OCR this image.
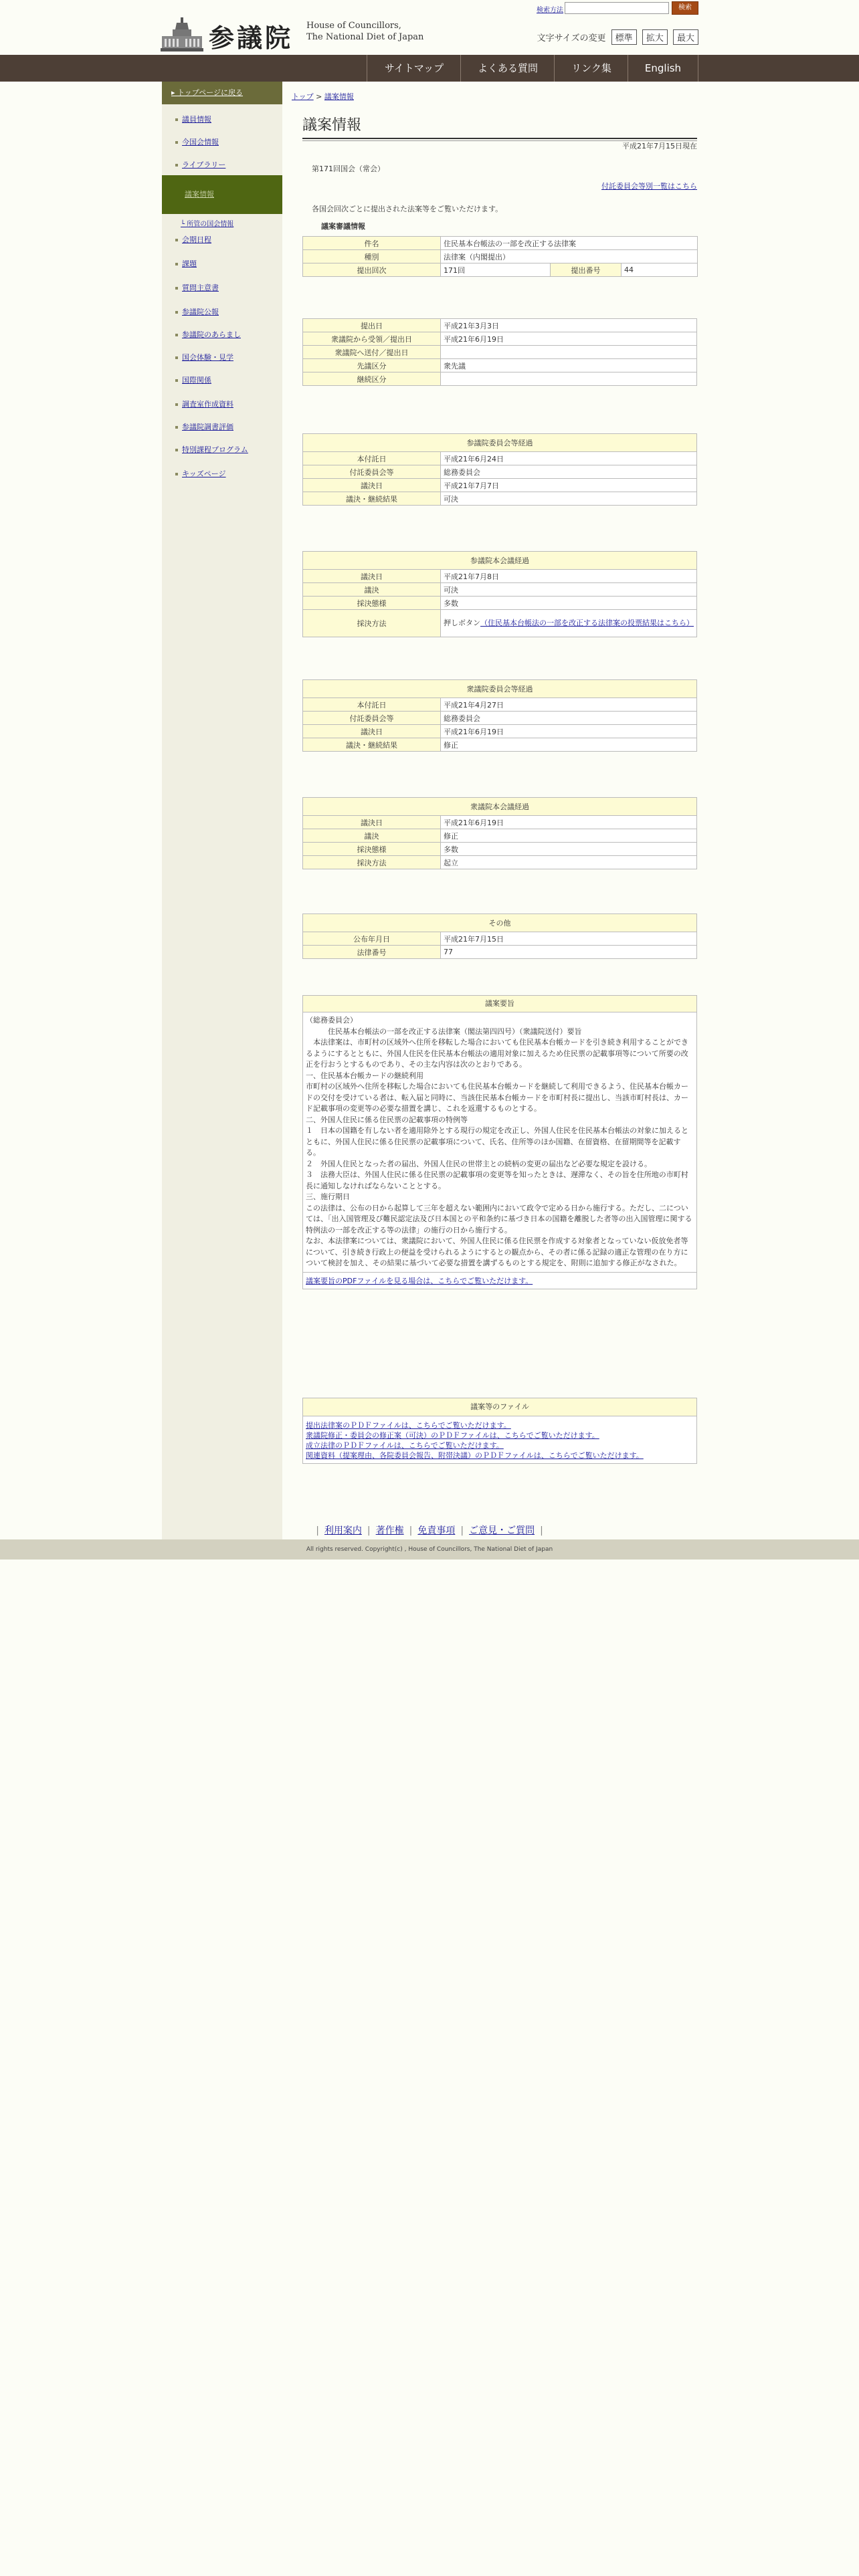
参議院 House of Councillors,
The National Diet of Japan
検索方法	検索
文字サイズの変更 標準 拡大 最大
サイトマップ	よくある質問	リンク集	English
▸ トップページに戻る
議員情報
今国会情報
ライブラリー
議案情報
└ 所管の国会情報
会期日程
課題
質問主意書
参議院公報
参議院のあらまし
国会体験・見学
国際関係
調査室作成資料
参議院調書評価
特別課程プログラム
キッズページ
トップ > 議案情報
議案情報
平成21年7月15日現在
第171回国会（常会）
付託委員会等別一覧はこちら
各国会回次ごとに提出された法案等をご覧いただけます。
議案審議情報
件名	住民基本台帳法の一部を改正する法律案		
種別	法律案（内閣提出）		
提出回次	171回	提出番号	44
提出日	平成21年3月3日
衆議院から受領／提出日	平成21年6月19日
衆議院へ送付／提出日	
先議区分	衆先議
継続区分	
参議院委員会等経過	
本付託日	平成21年6月24日
付託委員会等	総務委員会
議決日	平成21年7月7日
議決・継続結果	可決
参議院本会議経過	
議決日	平成21年7月8日
議決	可決
採決態様	多数
採決方法	押しボタン（住民基本台帳法の一部を改正する法律案の投票結果はこちら）
衆議院委員会等経過	
本付託日	平成21年4月27日
付託委員会等	総務委員会
議決日	平成21年6月19日
議決・継続結果	修正
衆議院本会議経過	
議決日	平成21年6月19日
議決	修正
採決態様	多数
採決方法	起立
その他	
公布年月日	平成21年7月15日
法律番号	77
議案要旨
（総務委員会）
　　　住民基本台帳法の一部を改正する法律案（閣法第四四号）（衆議院送付）要旨
　本法律案は、市町村の区域外へ住所を移転した場合においても住民基本台帳カードを引き続き利用することができるようにするとともに、外国人住民を住民基本台帳法の適用対象に加えるため住民票の記載事項等について所要の改正を行おうとするものであり、その主な内容は次のとおりである。
一、住民基本台帳カードの継続利用
市町村の区域外へ住所を移転した場合においても住民基本台帳カードを継続して利用できるよう、住民基本台帳カードの交付を受けている者は、転入届と同時に、当該住民基本台帳カードを市町村長に提出し、当該市町村長は、カード記載事項の変更等の必要な措置を講じ、これを返還するものとする。
二、外国人住民に係る住民票の記載事項の特例等
１　日本の国籍を有しない者を適用除外とする現行の規定を改正し、外国人住民を住民基本台帳法の対象に加えるとともに、外国人住民に係る住民票の記載事項について、氏名、住所等のほか国籍、在留資格、在留期間等を記載する。
２　外国人住民となった者の届出、外国人住民の世帯主との続柄の変更の届出など必要な規定を設ける。
３　法務大臣は、外国人住民に係る住民票の記載事項の変更等を知ったときは、遅滞なく、その旨を住所地の市町村長に通知しなければならないこととする。
三、施行期日
この法律は、公布の日から起算して三年を超えない範囲内において政令で定める日から施行する。ただし、二については、「出入国管理及び難民認定法及び日本国との平和条約に基づき日本の国籍を離脱した者等の出入国管理に関する特例法の一部を改正する等の法律」の施行の日から施行する。
なお、本法律案については、衆議院において、外国人住民に係る住民票を作成する対象者となっていない仮放免者等について、引き続き行政上の便益を受けられるようにするとの観点から、その者に係る記録の適正な管理の在り方について検討を加え、その結果に基づいて必要な措置を講ずるものとする規定を、附則に追加する修正がなされた。
議案要旨のPDFファイルを見る場合は、こちらでご覧いただけます。
議案等のファイル
提出法律案のＰＤＦファイルは、こちらでご覧いただけます。
衆議院修正・委員会の修正案（可決）のＰＤＦファイルは、こちらでご覧いただけます。
成立法律のＰＤＦファイルは、こちらでご覧いただけます。
関連資料（提案理由、各院委員会報告、附帯決議）のＰＤＦファイルは、こちらでご覧いただけます。
| 利用案内 | 著作権 | 免責事項 | ご意見・ご質問 |
All rights reserved. Copyright(c) , House of Councillors, The National Diet of Japan
